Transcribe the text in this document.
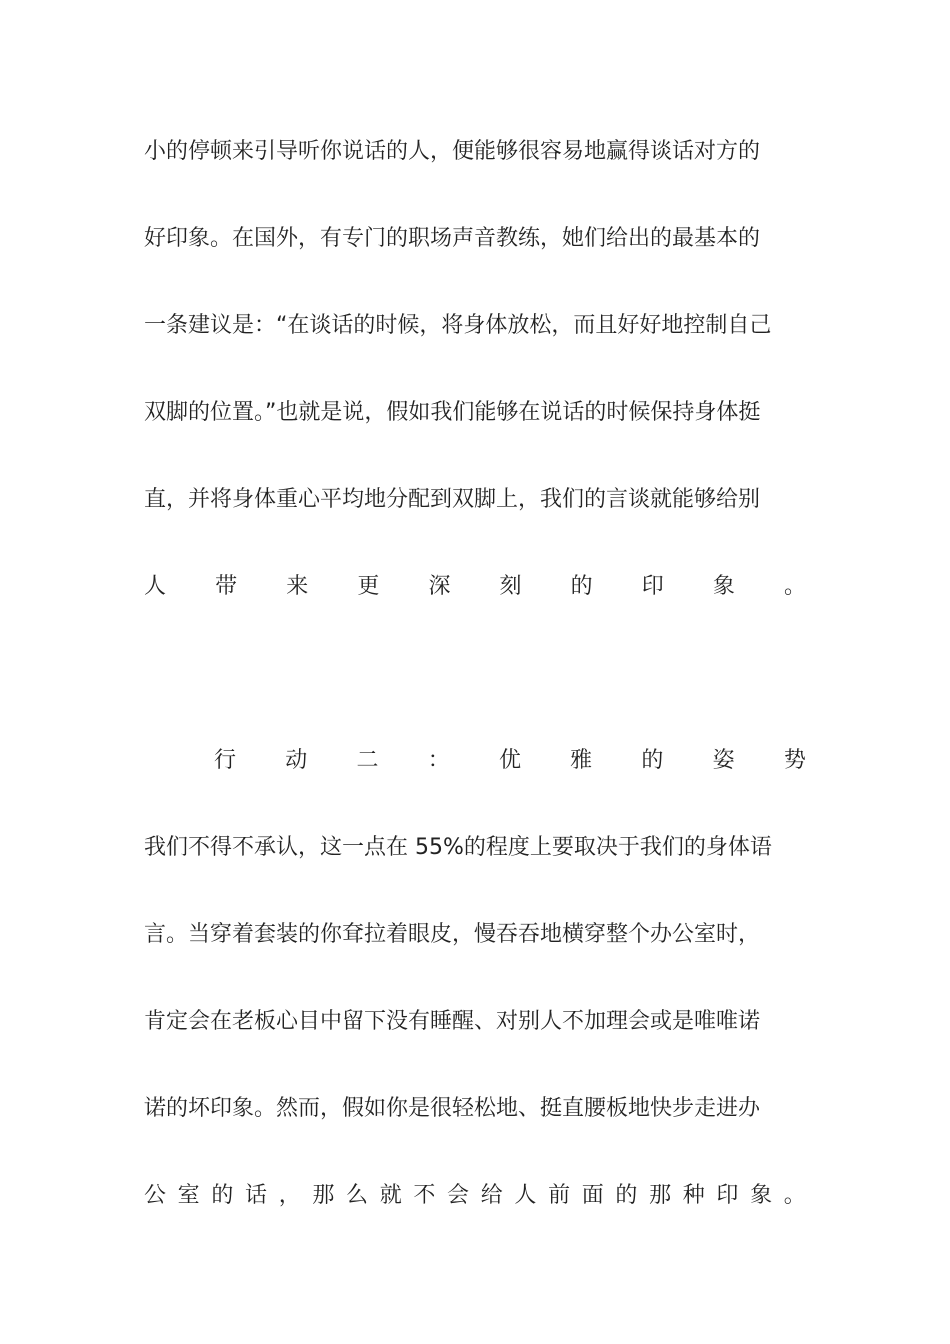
小的停顿来引导听你说话的人，便能够很容易地赢得谈话对方的
好印象。在国外，有专门的职场声音教练，她们给出的最基本的
一条建议是：“在谈话的时候，将身体放松，而且好好地控制自己
双脚的位置。”也就是说，假如我们能够在说话的时候保持身体挺
直，并将身体重心平均地分配到双脚上，我们的言谈就能够给别
人 带 来 更 深 刻 的 印 象 。
行 动 二 ： 优 雅 的 姿 势
我们不得不承认，这一点在 55%的程度上要取决于我们的身体语
言。当穿着套装的你耷拉着眼皮，慢吞吞地横穿整个办公室时，
肯定会在老板心目中留下没有睡醒、对别人不加理会或是唯唯诺
诺的坏印象。然而，假如你是很轻松地、挺直腰板地快步走进办
公 室 的 话 ， 那 么 就 不 会 给 人 前 面 的 那 种 印 象 。
